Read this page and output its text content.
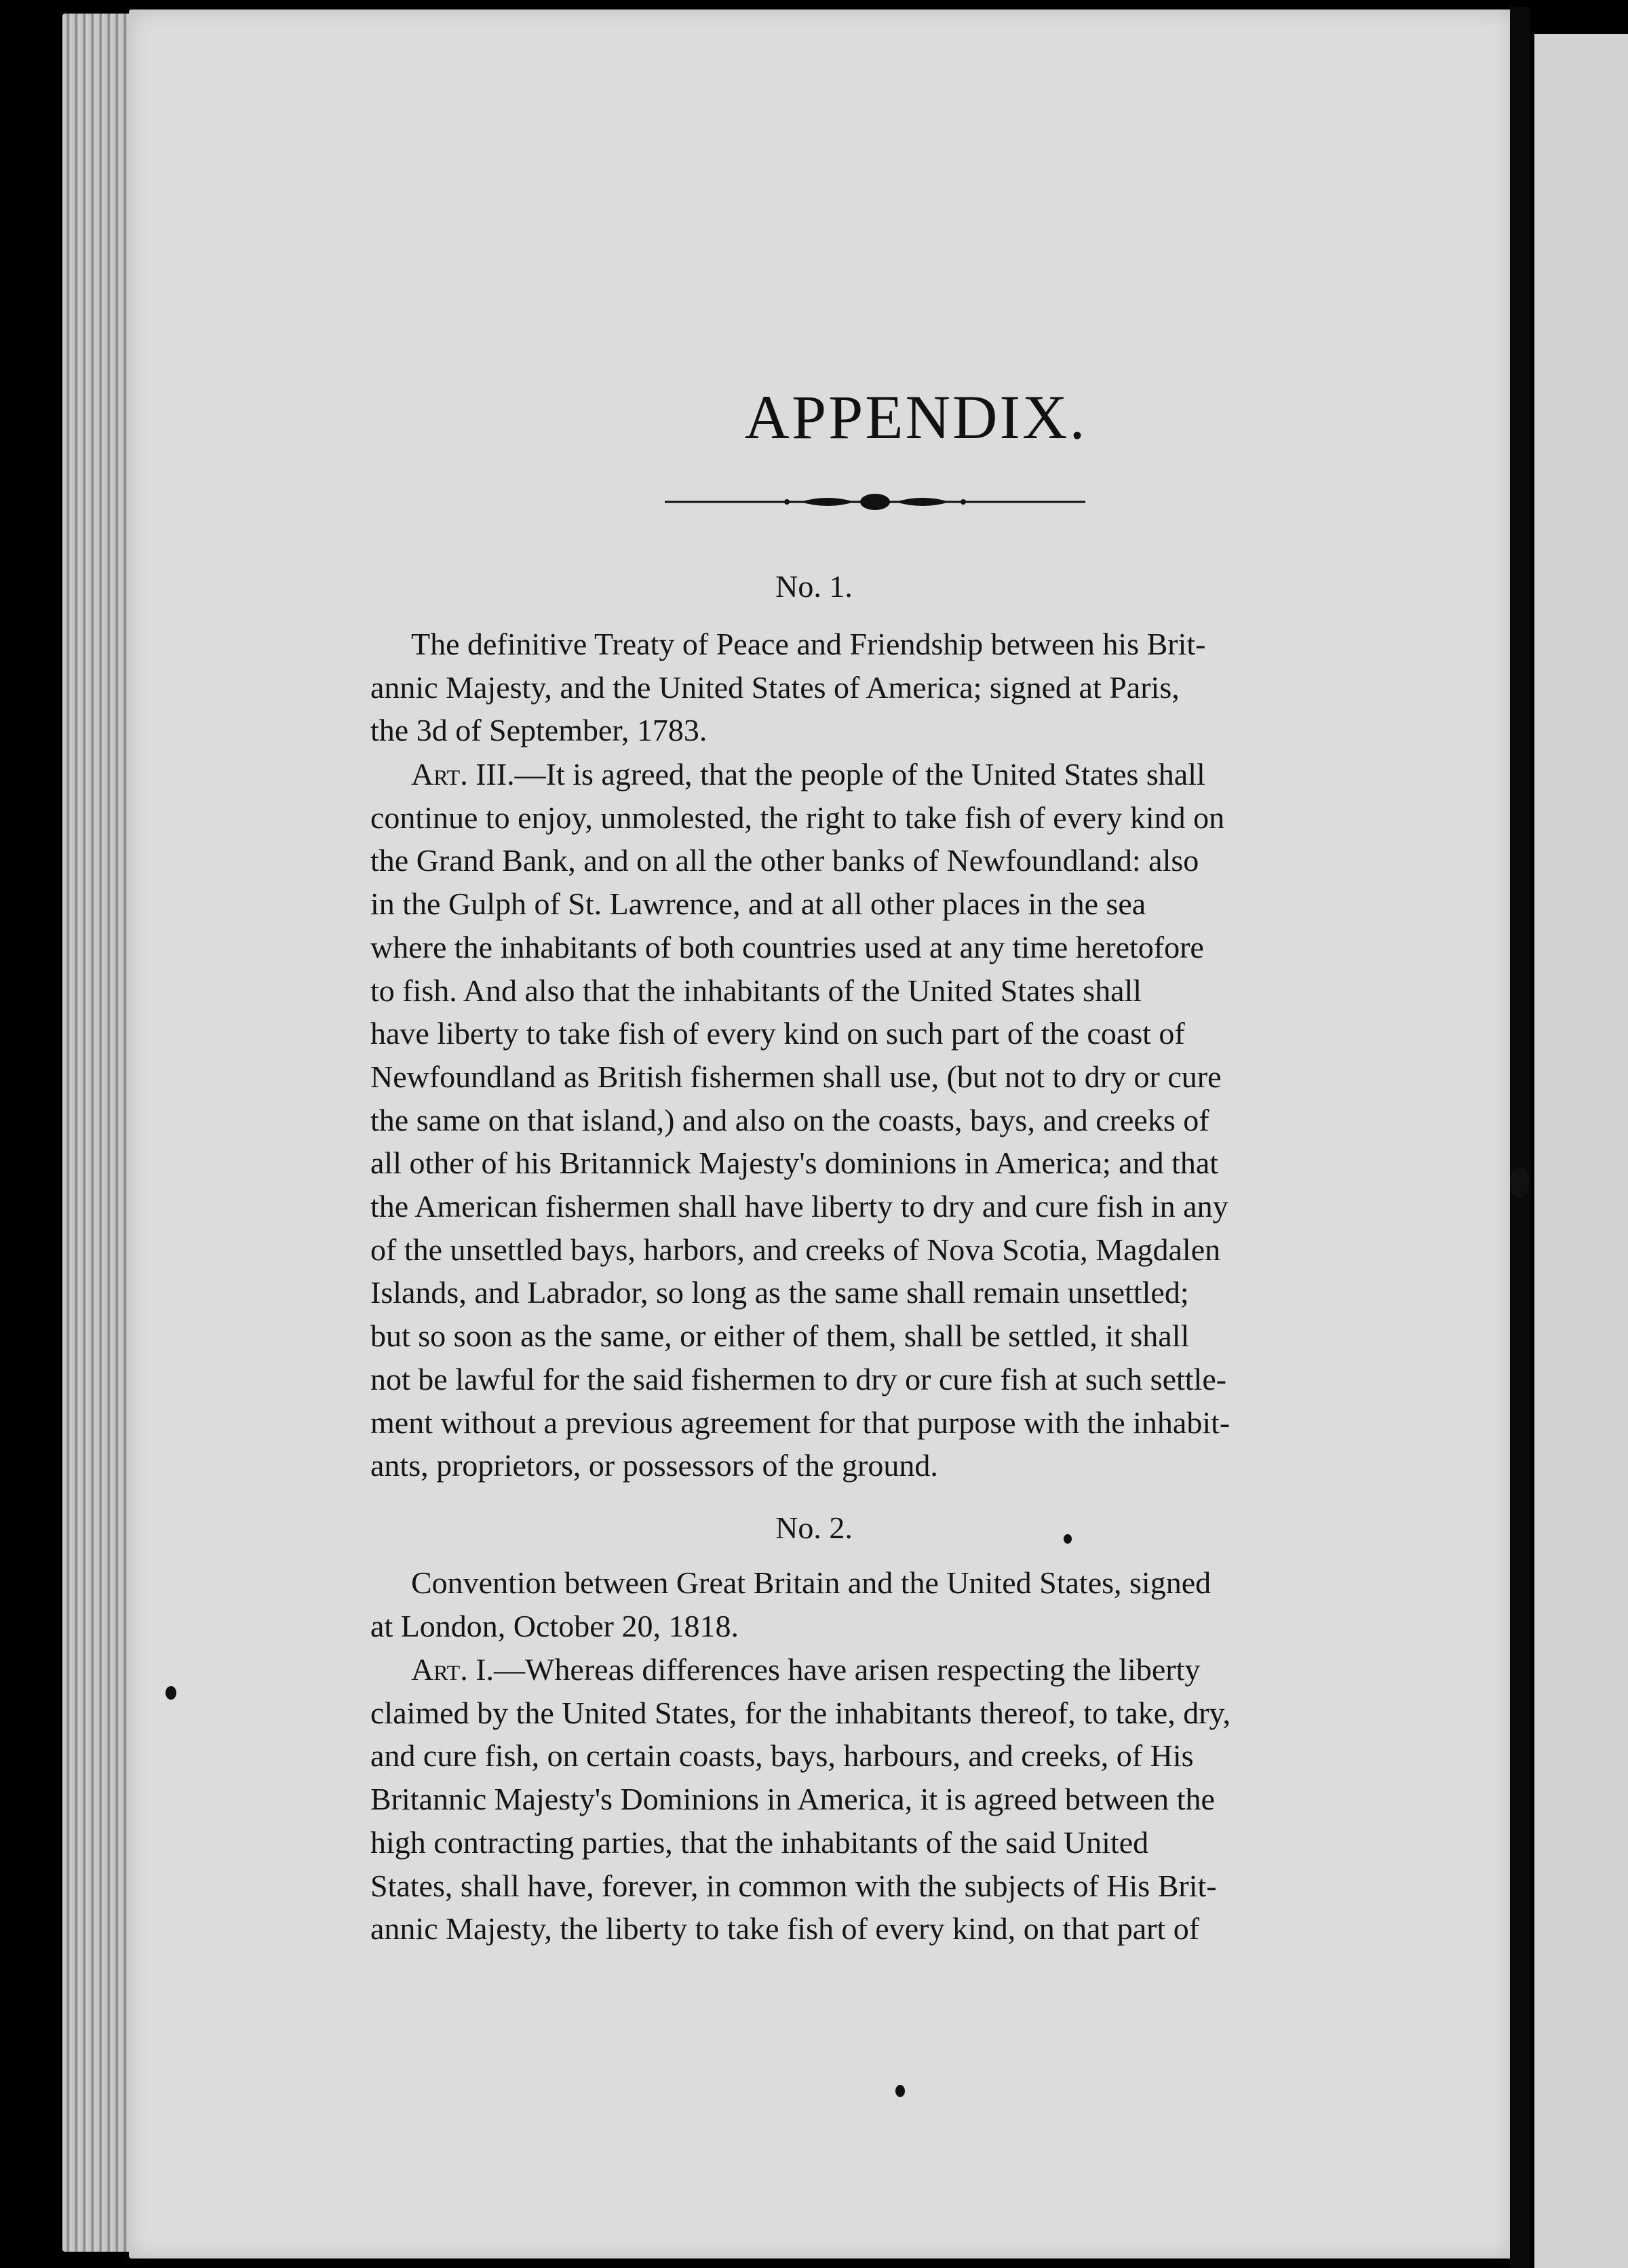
APPENDIX.
No. 1.
The definitive Treaty of Peace and Friendship between his Brit-
annic Majesty, and the United States of America; signed at Paris,
the 3d of September, 1783.
Art. III.—It is agreed, that the people of the United States shall
continue to enjoy, unmolested, the right to take fish of every kind on
the Grand Bank, and on all the other banks of Newfoundland: also
in the Gulph of St. Lawrence, and at all other places in the sea
where the inhabitants of both countries used at any time heretofore
to fish. And also that the inhabitants of the United States shall
have liberty to take fish of every kind on such part of the coast of
Newfoundland as British fishermen shall use, (but not to dry or cure
the same on that island,) and also on the coasts, bays, and creeks of
all other of his Britannick Majesty's dominions in America; and that
the American fishermen shall have liberty to dry and cure fish in any
of the unsettled bays, harbors, and creeks of Nova Scotia, Magdalen
Islands, and Labrador, so long as the same shall remain unsettled;
but so soon as the same, or either of them, shall be settled, it shall
not be lawful for the said fishermen to dry or cure fish at such settle-
ment without a previous agreement for that purpose with the inhabit-
ants, proprietors, or possessors of the ground.
No. 2.
Convention between Great Britain and the United States, signed
at London, October 20, 1818.
Art. I.—Whereas differences have arisen respecting the liberty
claimed by the United States, for the inhabitants thereof, to take, dry,
and cure fish, on certain coasts, bays, harbours, and creeks, of His
Britannic Majesty's Dominions in America, it is agreed between the
high contracting parties, that the inhabitants of the said United
States, shall have, forever, in common with the subjects of His Brit-
annic Majesty, the liberty to take fish of every kind, on that part of
